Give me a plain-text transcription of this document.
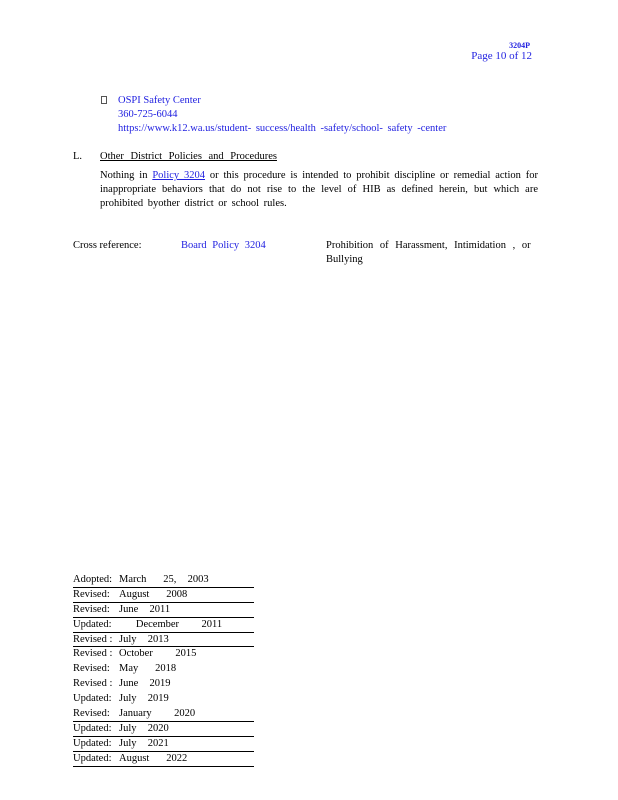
3204P
Page 10 of 12
OSPI Safety Center
360-725-6044
https://www.k12.wa.us/student- success/health -safety/school- safety -center
L. Other District Policies and Procedures
Nothing in Policy 3204 or this procedure is intended to prohibit discipline or remedial action for inappropriate behaviors that do not rise to the level of HIB as defined herein, but which are prohibited byother district or school rules.
Cross reference:	Board Policy 3204	Prohibition of Harassment, Intimidation , or Bullying
Adopted: March   25,  2003
Revised: August   2008
Revised: June  2011
Updated: December    2011
Revised : July  2013
Revised : October    2015
Revised: May   2018
Revised : June  2019
Updated: July  2019
Revised: January    2020
Updated: July  2020
Updated: July  2021
Updated: August   2022
